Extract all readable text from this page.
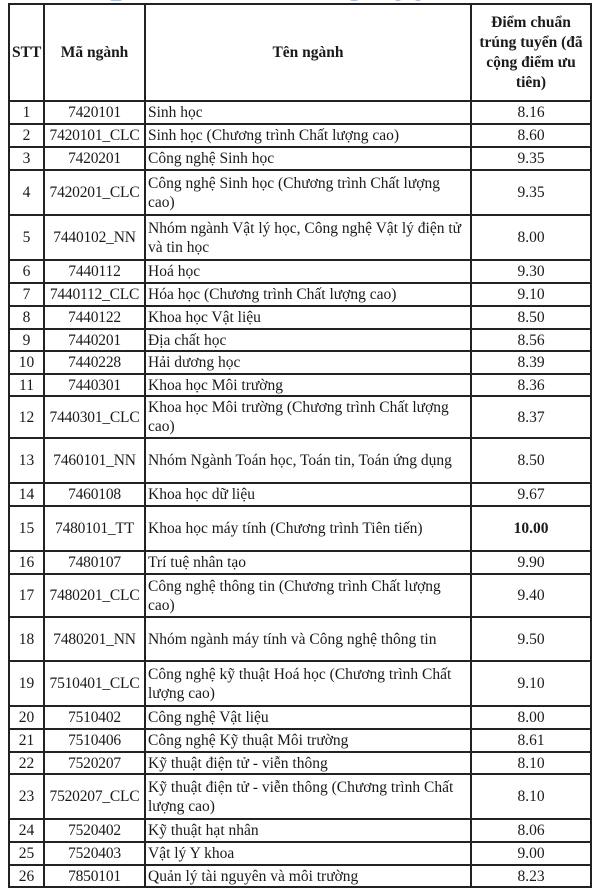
STT	Mã ngành	Tên ngành	Điểm chuẩn trúng tuyển (đã cộng điểm ưu tiên)
1	7420101	Sinh học	8.16
2	7420101_CLC	Sinh học (Chương trình Chất lượng cao)	8.60
3	7420201	Công nghệ Sinh học	9.35
4	7420201_CLC	Công nghệ Sinh học (Chương trình Chất lượng cao)	9.35
5	7440102_NN	Nhóm ngành Vật lý học, Công nghệ Vật lý điện tử và tin học	8.00
6	7440112	Hoá học	9.30
7	7440112_CLC	Hóa học (Chương trình Chất lượng cao)	9.10
8	7440122	Khoa học Vật liệu	8.50
9	7440201	Địa chất học	8.56
10	7440228	Hải dương học	8.39
11	7440301	Khoa học Môi trường	8.36
12	7440301_CLC	Khoa học Môi trường (Chương trình Chất lượng cao)	8.37
13	7460101_NN	Nhóm Ngành Toán học, Toán tin, Toán ứng dụng	8.50
14	7460108	Khoa học dữ liệu	9.67
15	7480101_TT	Khoa học máy tính (Chương trình Tiên tiến)	10.00
16	7480107	Trí tuệ nhân tạo	9.90
17	7480201_CLC	Công nghệ thông tin (Chương trình Chất lượng cao)	9.40
18	7480201_NN	Nhóm ngành máy tính và Công nghệ thông tin	9.50
19	7510401_CLC	Công nghệ kỹ thuật Hoá học (Chương trình Chất lượng cao)	9.10
20	7510402	Công nghệ Vật liệu	8.00
21	7510406	Công nghệ Kỹ thuật Môi trường	8.61
22	7520207	Kỹ thuật điện tử - viễn thông	8.10
23	7520207_CLC	Kỹ thuật điện tử - viễn thông (Chương trình Chất lượng cao)	8.10
24	7520402	Kỹ thuật hạt nhân	8.06
25	7520403	Vật lý Y khoa	9.00
26	7850101	Quản lý tài nguyên và môi trường	8.23
